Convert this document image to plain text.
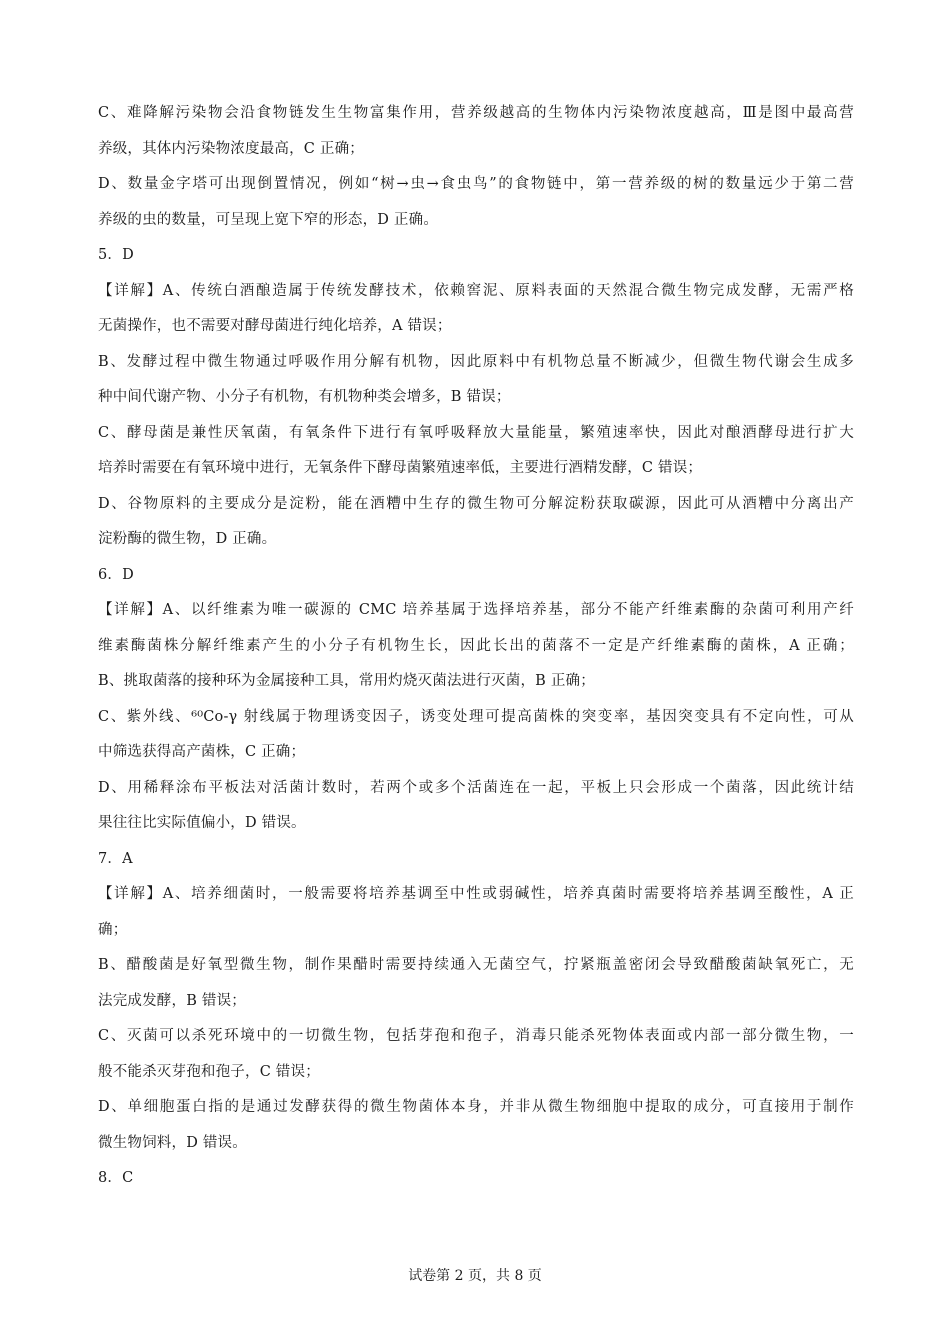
C、难降解污染物会沿食物链发生生物富集作用，营养级越高的生物体内污染物浓度越高，Ⅲ是图中最高营
养级，其体内污染物浓度最高，C 正确；
D、数量金字塔可出现倒置情况，例如“树→虫→食虫鸟”的食物链中，第一营养级的树的数量远少于第二营
养级的虫的数量，可呈现上宽下窄的形态，D 正确。
5．D
【详解】A、传统白酒酿造属于传统发酵技术，依赖窖泥、原料表面的天然混合微生物完成发酵，无需严格
无菌操作，也不需要对酵母菌进行纯化培养，A 错误；
B、发酵过程中微生物通过呼吸作用分解有机物，因此原料中有机物总量不断减少，但微生物代谢会生成多
种中间代谢产物、小分子有机物，有机物种类会增多，B 错误；
C、酵母菌是兼性厌氧菌，有氧条件下进行有氧呼吸释放大量能量，繁殖速率快，因此对酿酒酵母进行扩大
培养时需要在有氧环境中进行，无氧条件下酵母菌繁殖速率低，主要进行酒精发酵，C 错误；
D、谷物原料的主要成分是淀粉，能在酒糟中生存的微生物可分解淀粉获取碳源，因此可从酒糟中分离出产
淀粉酶的微生物，D 正确。
6．D
【详解】A、以纤维素为唯一碳源的 CMC 培养基属于选择培养基，部分不能产纤维素酶的杂菌可利用产纤
维素酶菌株分解纤维素产生的小分子有机物生长，因此长出的菌落不一定是产纤维素酶的菌株，A 正确；
B、挑取菌落的接种环为金属接种工具，常用灼烧灭菌法进行灭菌，B 正确；
C、紫外线、⁶⁰Co-γ 射线属于物理诱变因子，诱变处理可提高菌株的突变率，基因突变具有不定向性，可从
中筛选获得高产菌株，C 正确；
D、用稀释涂布平板法对活菌计数时，若两个或多个活菌连在一起，平板上只会形成一个菌落，因此统计结
果往往比实际值偏小，D 错误。
7．A
【详解】A、培养细菌时，一般需要将培养基调至中性或弱碱性，培养真菌时需要将培养基调至酸性，A 正
确；
B、醋酸菌是好氧型微生物，制作果醋时需要持续通入无菌空气，拧紧瓶盖密闭会导致醋酸菌缺氧死亡，无
法完成发酵，B 错误；
C、灭菌可以杀死环境中的一切微生物，包括芽孢和孢子，消毒只能杀死物体表面或内部一部分微生物，一
般不能杀灭芽孢和孢子，C 错误；
D、单细胞蛋白指的是通过发酵获得的微生物菌体本身，并非从微生物细胞中提取的成分，可直接用于制作
微生物饲料，D 错误。
8．C
试卷第 2 页，共 8 页
